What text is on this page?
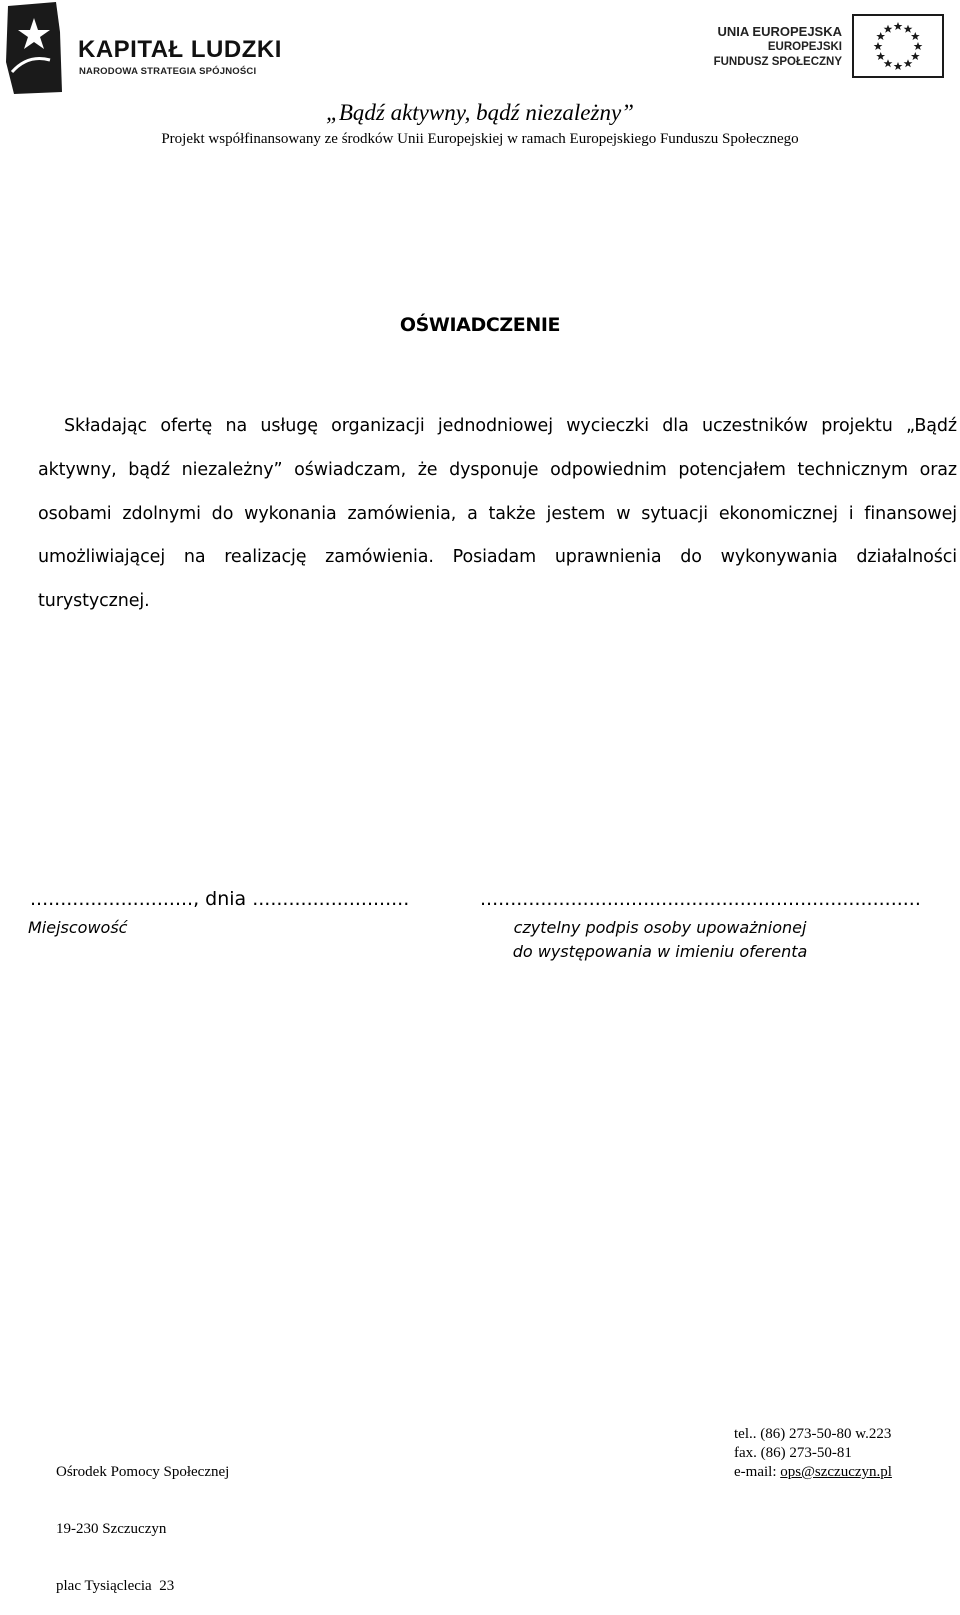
KAPITAŁ LUDZKI
NARODOWA STRATEGIA SPÓJNOŚCI
UNIA EUROPEJSKA
EUROPEJSKI
FUNDUSZ SPOŁECZNY
„Bądź aktywny, bądź niezależny”
Projekt współfinansowany ze środków Unii Europejskiej w ramach Europejskiego Funduszu Społecznego
OŚWIADCZENIE
Składając ofertę na usługę organizacji jednodniowej wycieczki dla uczestników projektu „Bądź aktywny, bądź niezależny” oświadczam, że dysponuje odpowiednim potencjałem technicznym oraz osobami zdolnymi do wykonania zamówienia, a także jestem w sytuacji ekonomicznej i finansowej umożliwiającej na realizację zamówienia. Posiadam uprawnienia do wykonywania działalności turystycznej.
..........................., dnia ..........................	.........................................................................
Miejscowość	czytelny podpis osoby upoważnionej
do występowania w imieniu oferenta

Ośrodek Pomocy Społecznej

19-230 Szczuczyn

plac Tysiąclecia  23

tel.. (86) 273-50-80 w.223
fax. (86) 273-50-81
e-mail: ops@szczuczyn.pl
